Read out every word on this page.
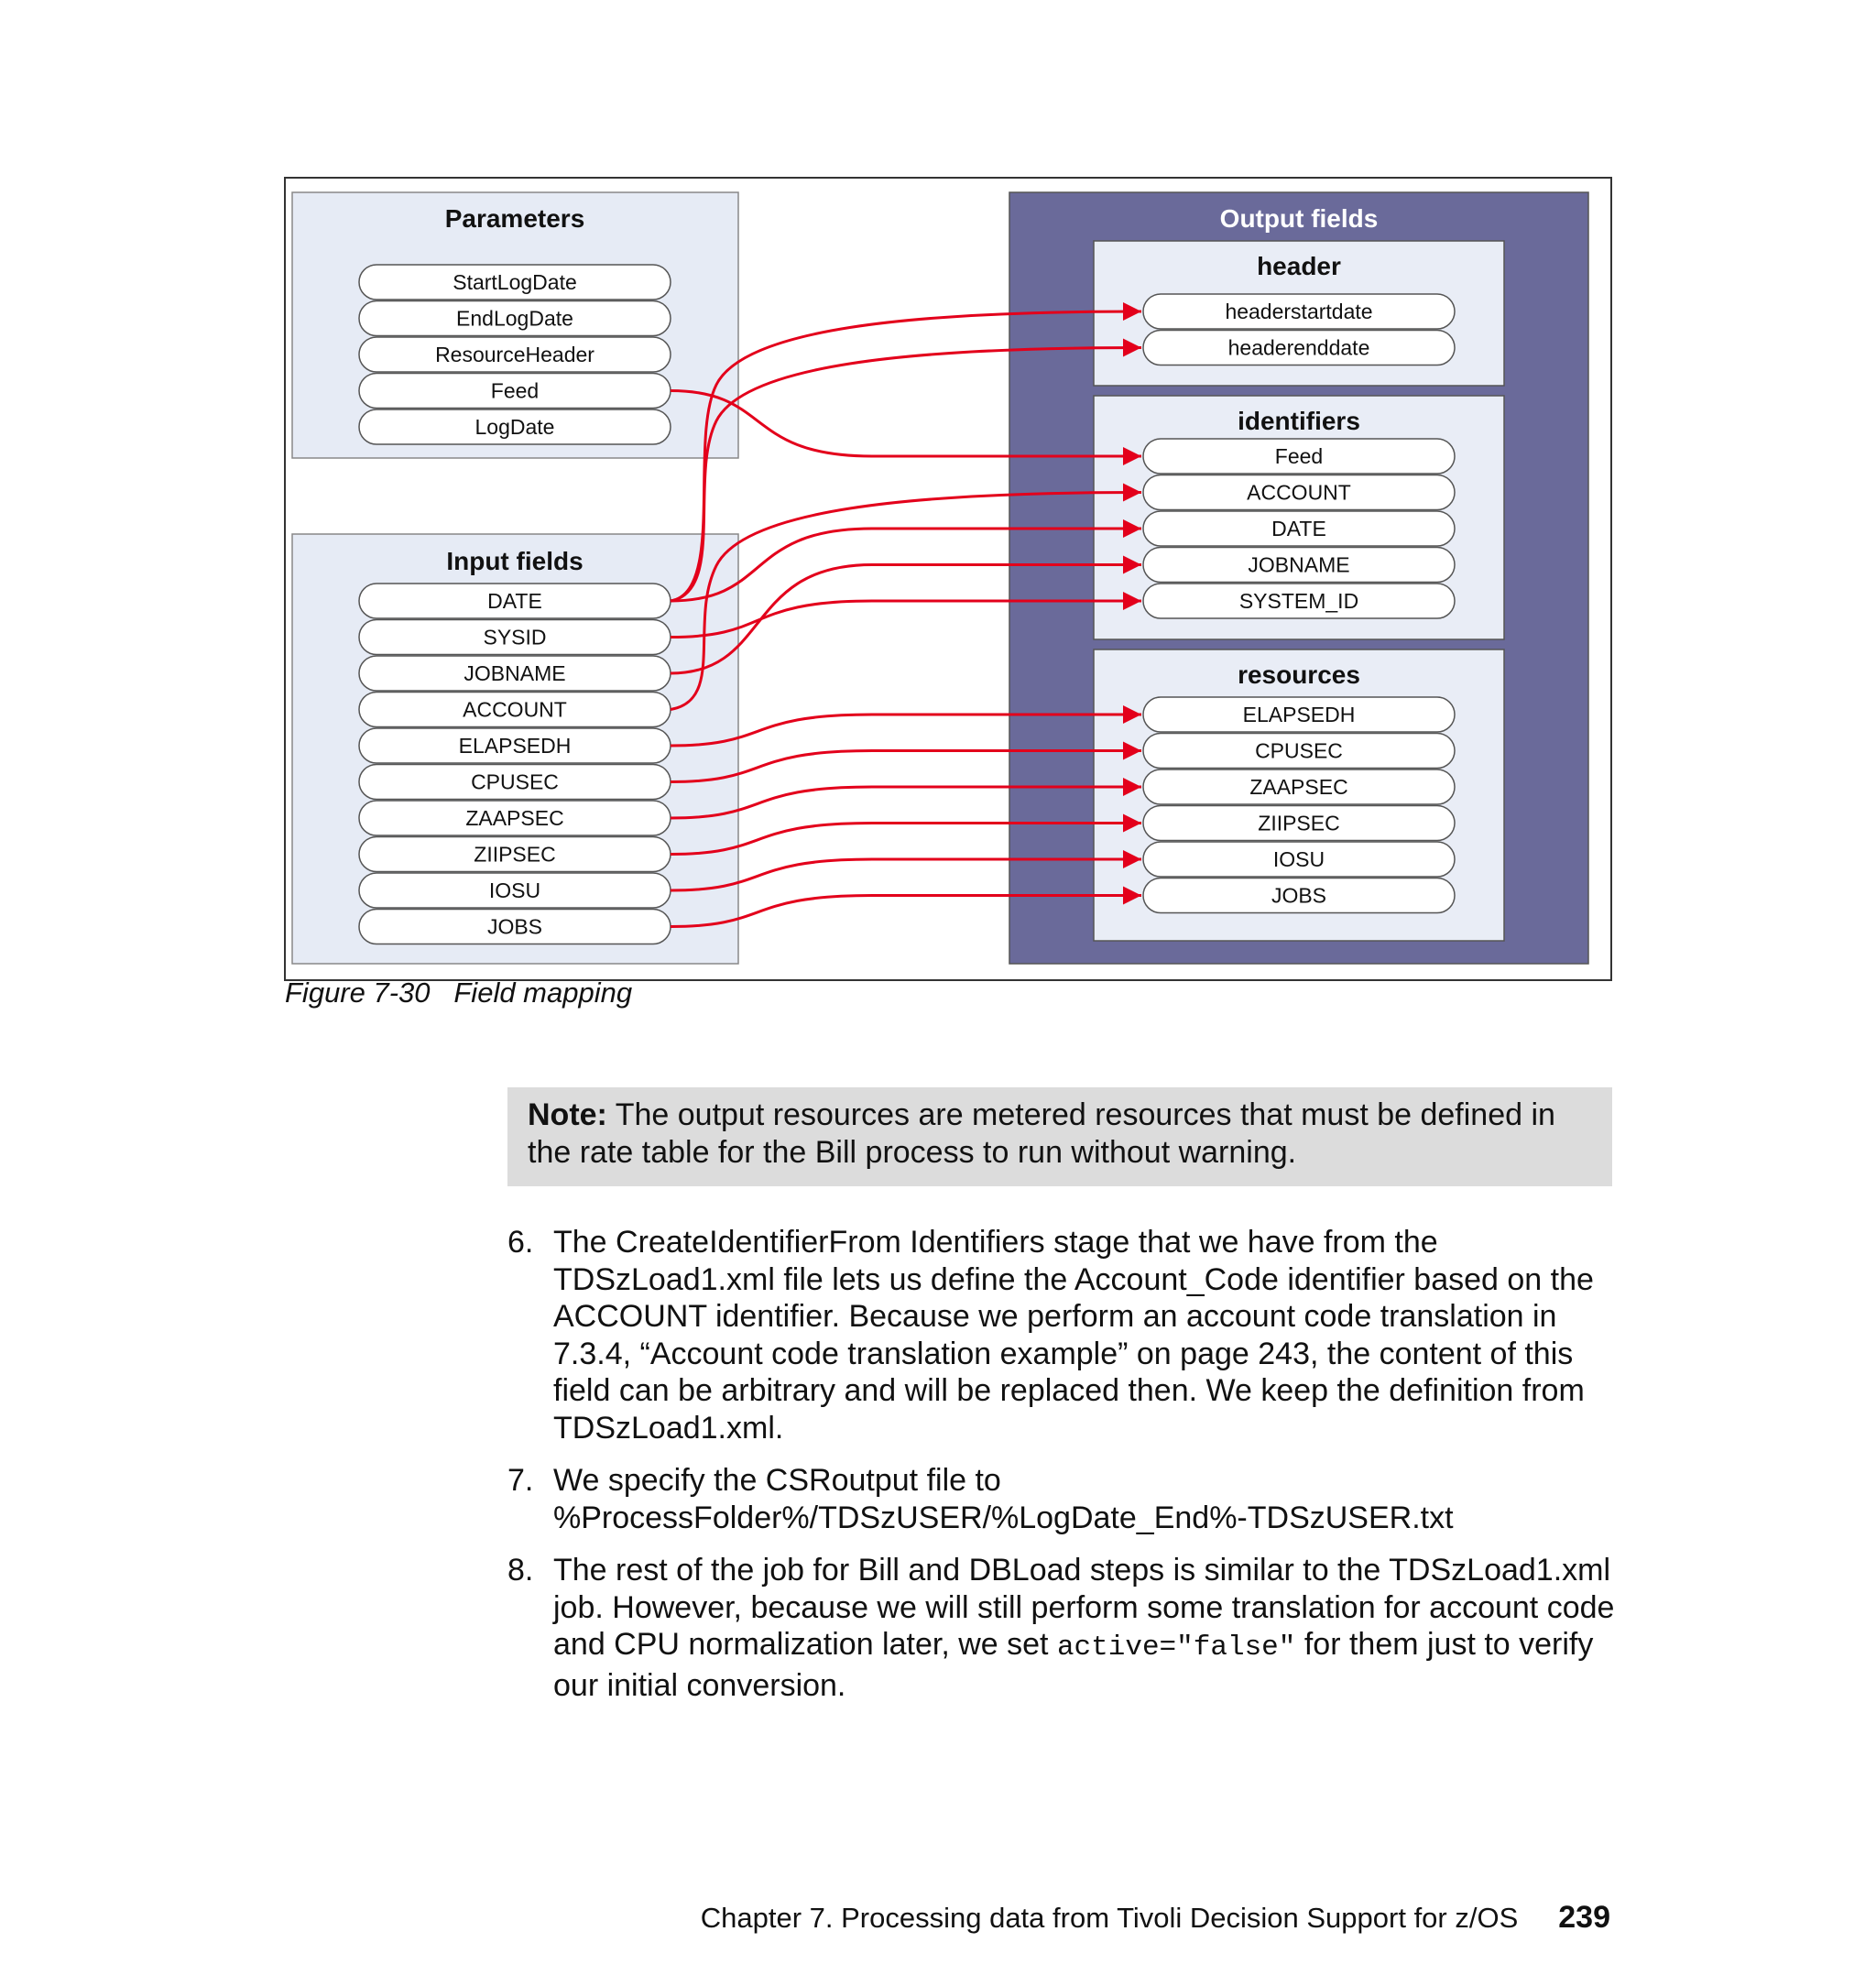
Parameters
StartLogDate
EndLogDate
ResourceHeader
Feed
LogDate
Input fields
DATE
SYSID
JOBNAME
ACCOUNT
ELAPSEDH
CPUSEC
ZAAPSEC
ZIIPSEC
IOSU
JOBS
Output fields
header
headerstartdate
headerenddate
identifiers
Feed
ACCOUNT
DATE
JOBNAME
SYSTEM_ID
resources
ELAPSEDH
CPUSEC
ZAAPSEC
ZIIPSEC
IOSU
JOBS
Figure 7-30 Field mapping
Note: The output resources are metered resources that must be defined in the rate table for the Bill process to run without warning.
6. The CreateIdentifierFrom Identifiers stage that we have from the TDSzLoad1.xml file lets us define the Account_Code identifier based on the ACCOUNT identifier. Because we perform an account code translation in 7.3.4, “Account code translation example” on page 243, the content of this field can be arbitrary and will be replaced then. We keep the definition from TDSzLoad1.xml.
7. We specify the CSRoutput file to %ProcessFolder%/TDSzUSER/%LogDate_End%-TDSzUSER.txt
8. The rest of the job for Bill and DBLoad steps is similar to the TDSzLoad1.xml job. However, because we will still perform some translation for account code and CPU normalization later, we set active="false" for them just to verify our initial conversion.
Chapter 7. Processing data from Tivoli Decision Support for z/OS 239
